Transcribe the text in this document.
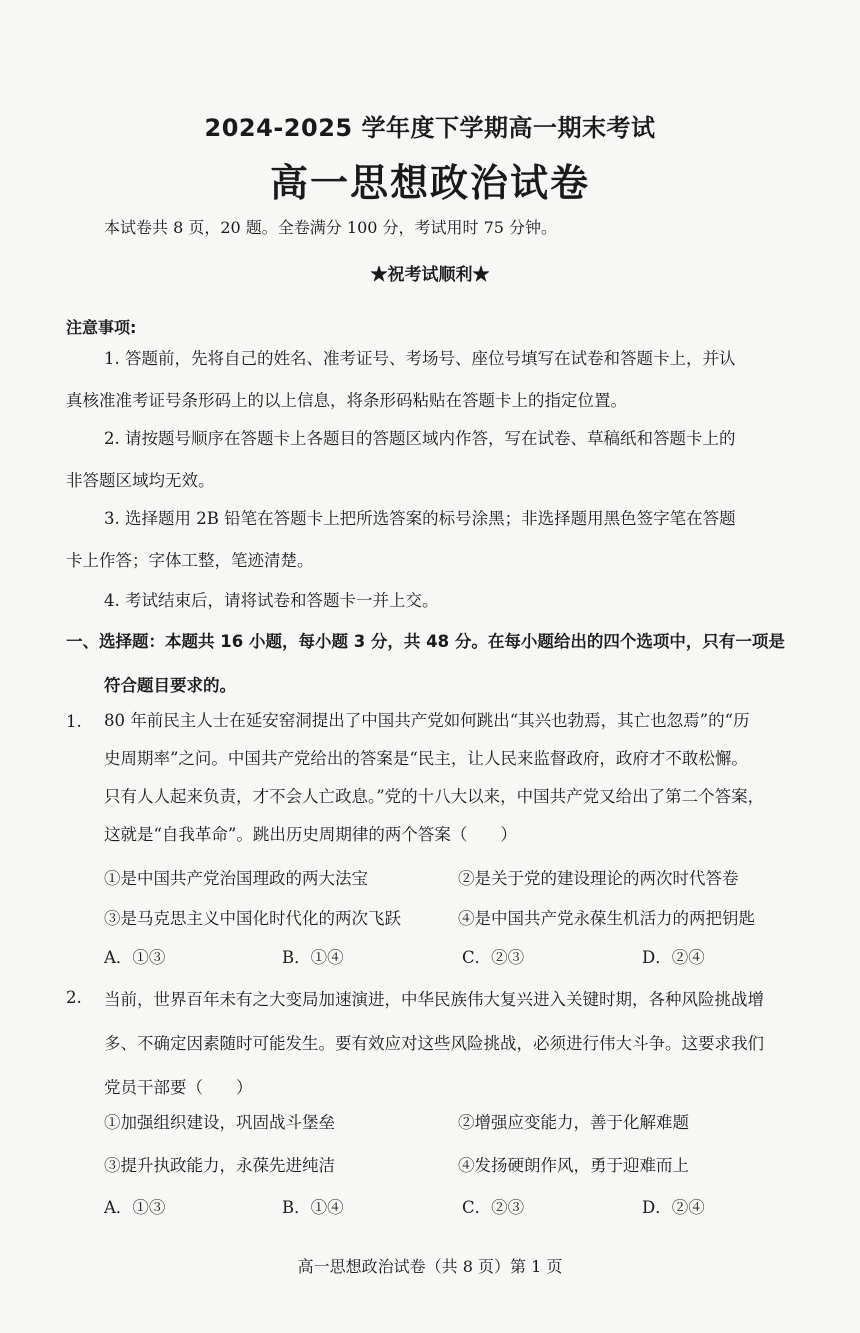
2024-2025 学年度下学期高一期末考试
高一思想政治试卷
本试卷共 8 页，20 题。全卷满分 100 分，考试用时 75 分钟。
★祝考试顺利★
注意事项:
1. 答题前，先将自己的姓名、准考证号、考场号、座位号填写在试卷和答题卡上，并认
真核准准考证号条形码上的以上信息，将条形码粘贴在答题卡上的指定位置。
2. 请按题号顺序在答题卡上各题目的答题区域内作答，写在试卷、草稿纸和答题卡上的
非答题区域均无效。
3. 选择题用 2B 铅笔在答题卡上把所选答案的标号涂黑；非选择题用黑色签字笔在答题
卡上作答；字体工整，笔迹清楚。
4. 考试结束后，请将试卷和答题卡一并上交。
一、选择题：本题共 16 小题，每小题 3 分，共 48 分。在每小题给出的四个选项中，只有一项是
符合题目要求的。
1. 80 年前民主人士在延安窑洞提出了中国共产党如何跳出“其兴也勃焉，其亡也忽焉”的“历
史周期率”之问。中国共产党给出的答案是“民主，让人民来监督政府，政府才不敢松懈。
只有人人起来负责，才不会人亡政息。”党的十八大以来，中国共产党又给出了第二个答案，
这就是“自我革命”。跳出历史周期律的两个答案（　　）
①是中国共产党治国理政的两大法宝	②是关于党的建设理论的两次时代答卷
③是马克思主义中国化时代化的两次飞跃	④是中国共产党永葆生机活力的两把钥匙
A．①③	B．①④	C．②③	D．②④
2. 当前，世界百年未有之大变局加速演进，中华民族伟大复兴进入关键时期，各种风险挑战增
多、不确定因素随时可能发生。要有效应对这些风险挑战，必须进行伟大斗争。这要求我们
党员干部要（　　）
①加强组织建设，巩固战斗堡垒	②增强应变能力，善于化解难题
③提升执政能力，永葆先进纯洁	④发扬硬朗作风，勇于迎难而上
A．①③	B．①④	C．②③	D．②④
高一思想政治试卷（共 8 页）第 1 页
